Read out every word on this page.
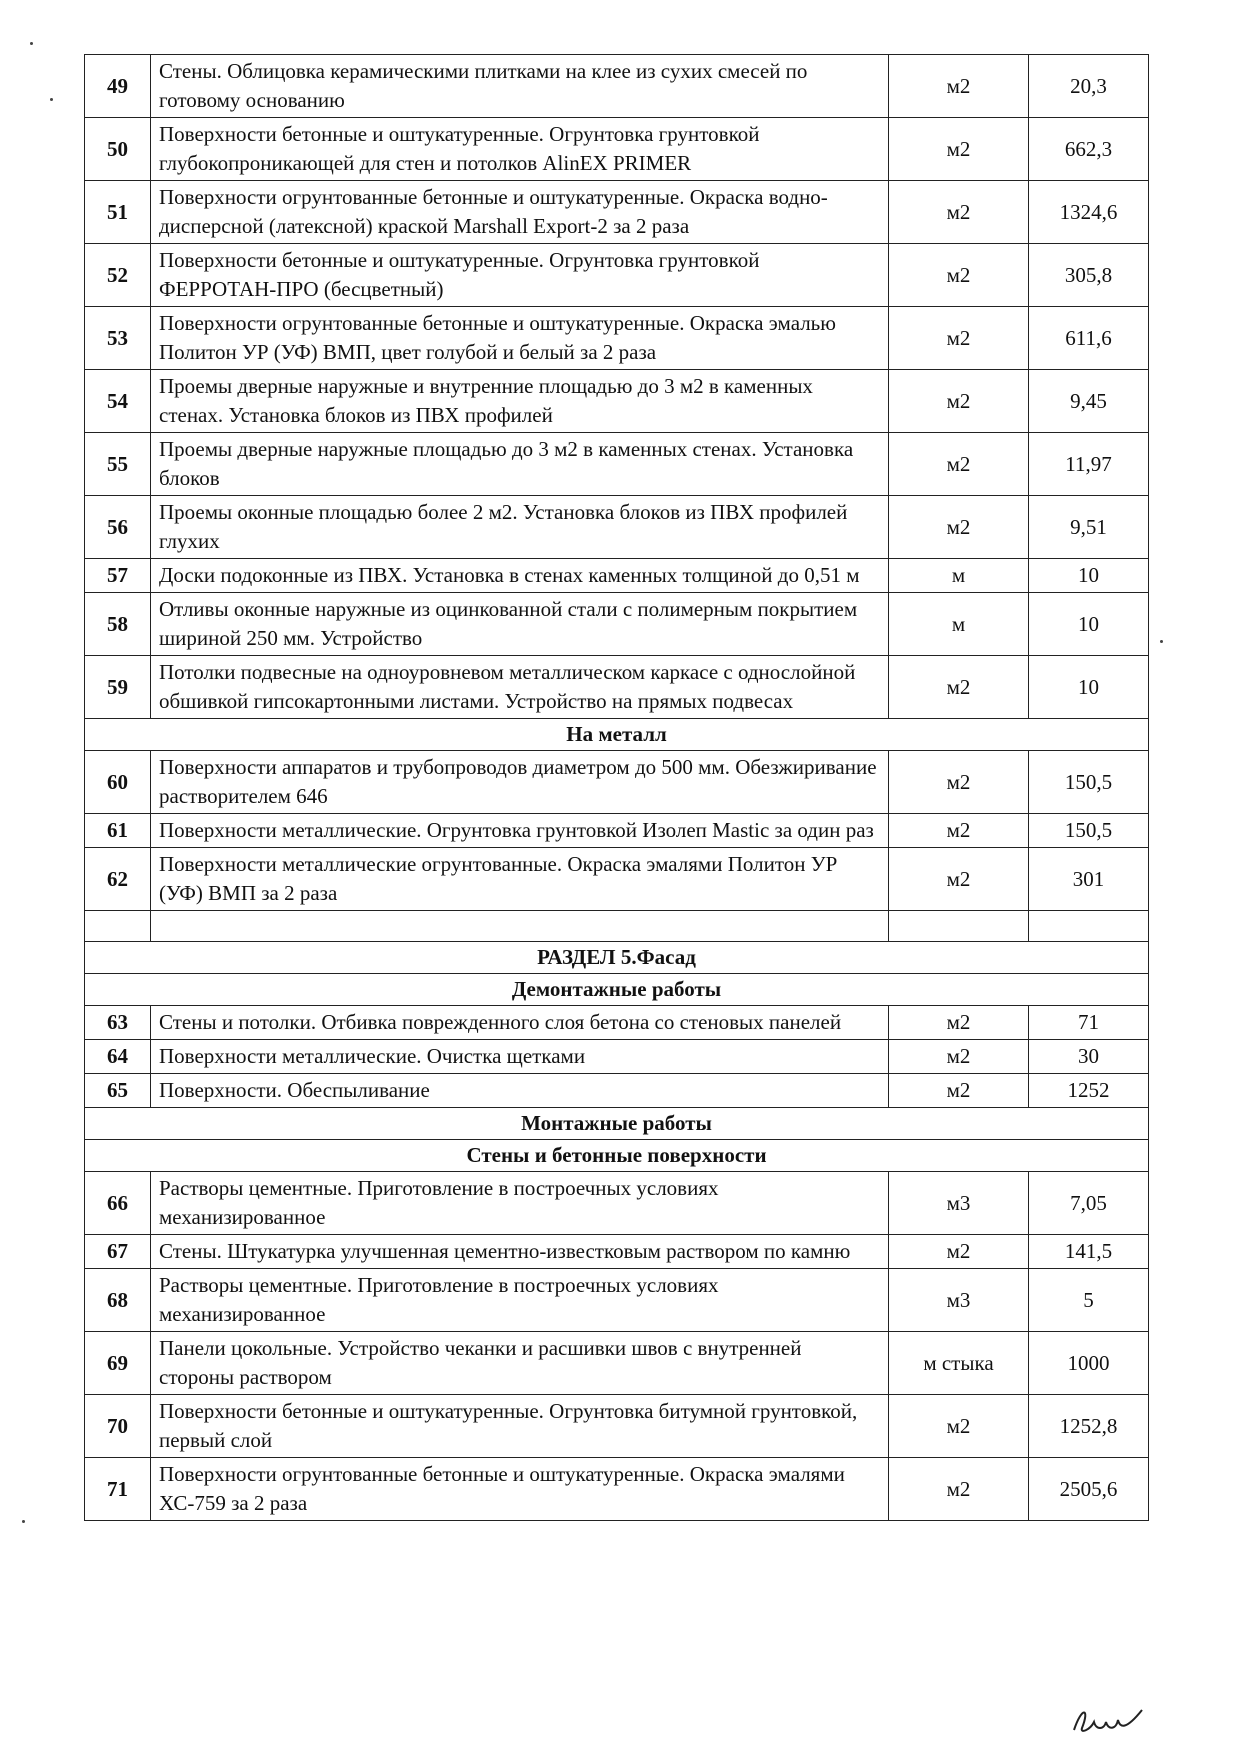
49	Стены. Облицовка керамическими плитками на клее из сухих смесей по готовому основанию	м2	20,3
50	Поверхности бетонные и оштукатуренные. Огрунтовка грунтовкой глубокопроникающей для стен и потолков AlinEX PRIMER	м2	662,3
51	Поверхности огрунтованные бетонные и оштукатуренные. Окраска водно-дисперсной (латексной) краской Marshall Export-2 за 2 раза	м2	1324,6
52	Поверхности бетонные и оштукатуренные. Огрунтовка грунтовкой ФЕРРОТАН-ПРО (бесцветный)	м2	305,8
53	Поверхности огрунтованные бетонные и оштукатуренные. Окраска эмалью Политон УР (УФ) ВМП, цвет голубой и белый за 2 раза	м2	611,6
54	Проемы дверные наружные и внутренние площадью до 3 м2 в каменных стенах. Установка блоков из ПВХ профилей	м2	9,45
55	Проемы дверные наружные площадью до 3 м2 в каменных стенах. Установка блоков	м2	11,97
56	Проемы оконные площадью более 2 м2. Установка блоков из ПВХ профилей глухих	м2	9,51
57	Доски подоконные из ПВХ. Установка в стенах каменных толщиной до 0,51 м	м	10
58	Отливы оконные наружные из оцинкованной стали с полимерным покрытием шириной 250 мм. Устройство	м	10
59	Потолки подвесные на одноуровневом металлическом каркасе с однослойной обшивкой гипсокартонными листами. Устройство на прямых подвесах	м2	10
На металл			
60	Поверхности аппаратов и трубопроводов диаметром до 500 мм. Обезжиривание растворителем 646	м2	150,5
61	Поверхности металлические. Огрунтовка грунтовкой Изолеп Mastic за один раз	м2	150,5
62	Поверхности металлические огрунтованные. Окраска эмалями Политон УР (УФ) ВМП за 2 раза	м2	301

РАЗДЕЛ 5.Фасад			
Демонтажные работы			
63	Стены и потолки. Отбивка поврежденного слоя бетона со стеновых панелей	м2	71
64	Поверхности металлические. Очистка щетками	м2	30
65	Поверхности. Обеспыливание	м2	1252
Монтажные работы			
Стены и бетонные поверхности			
66	Растворы цементные. Приготовление в построечных условиях механизированное	м3	7,05
67	Стены. Штукатурка улучшенная цементно-известковым раствором по камню	м2	141,5
68	Растворы цементные. Приготовление в построечных условиях механизированное	м3	5
69	Панели цокольные. Устройство чеканки и расшивки швов с внутренней стороны раствором	м стыка	1000
70	Поверхности бетонные и оштукатуренные. Огрунтовка битумной грунтовкой, первый слой	м2	1252,8
71	Поверхности огрунтованные бетонные и оштукатуренные. Окраска эмалями ХС-759 за 2 раза	м2	2505,6
